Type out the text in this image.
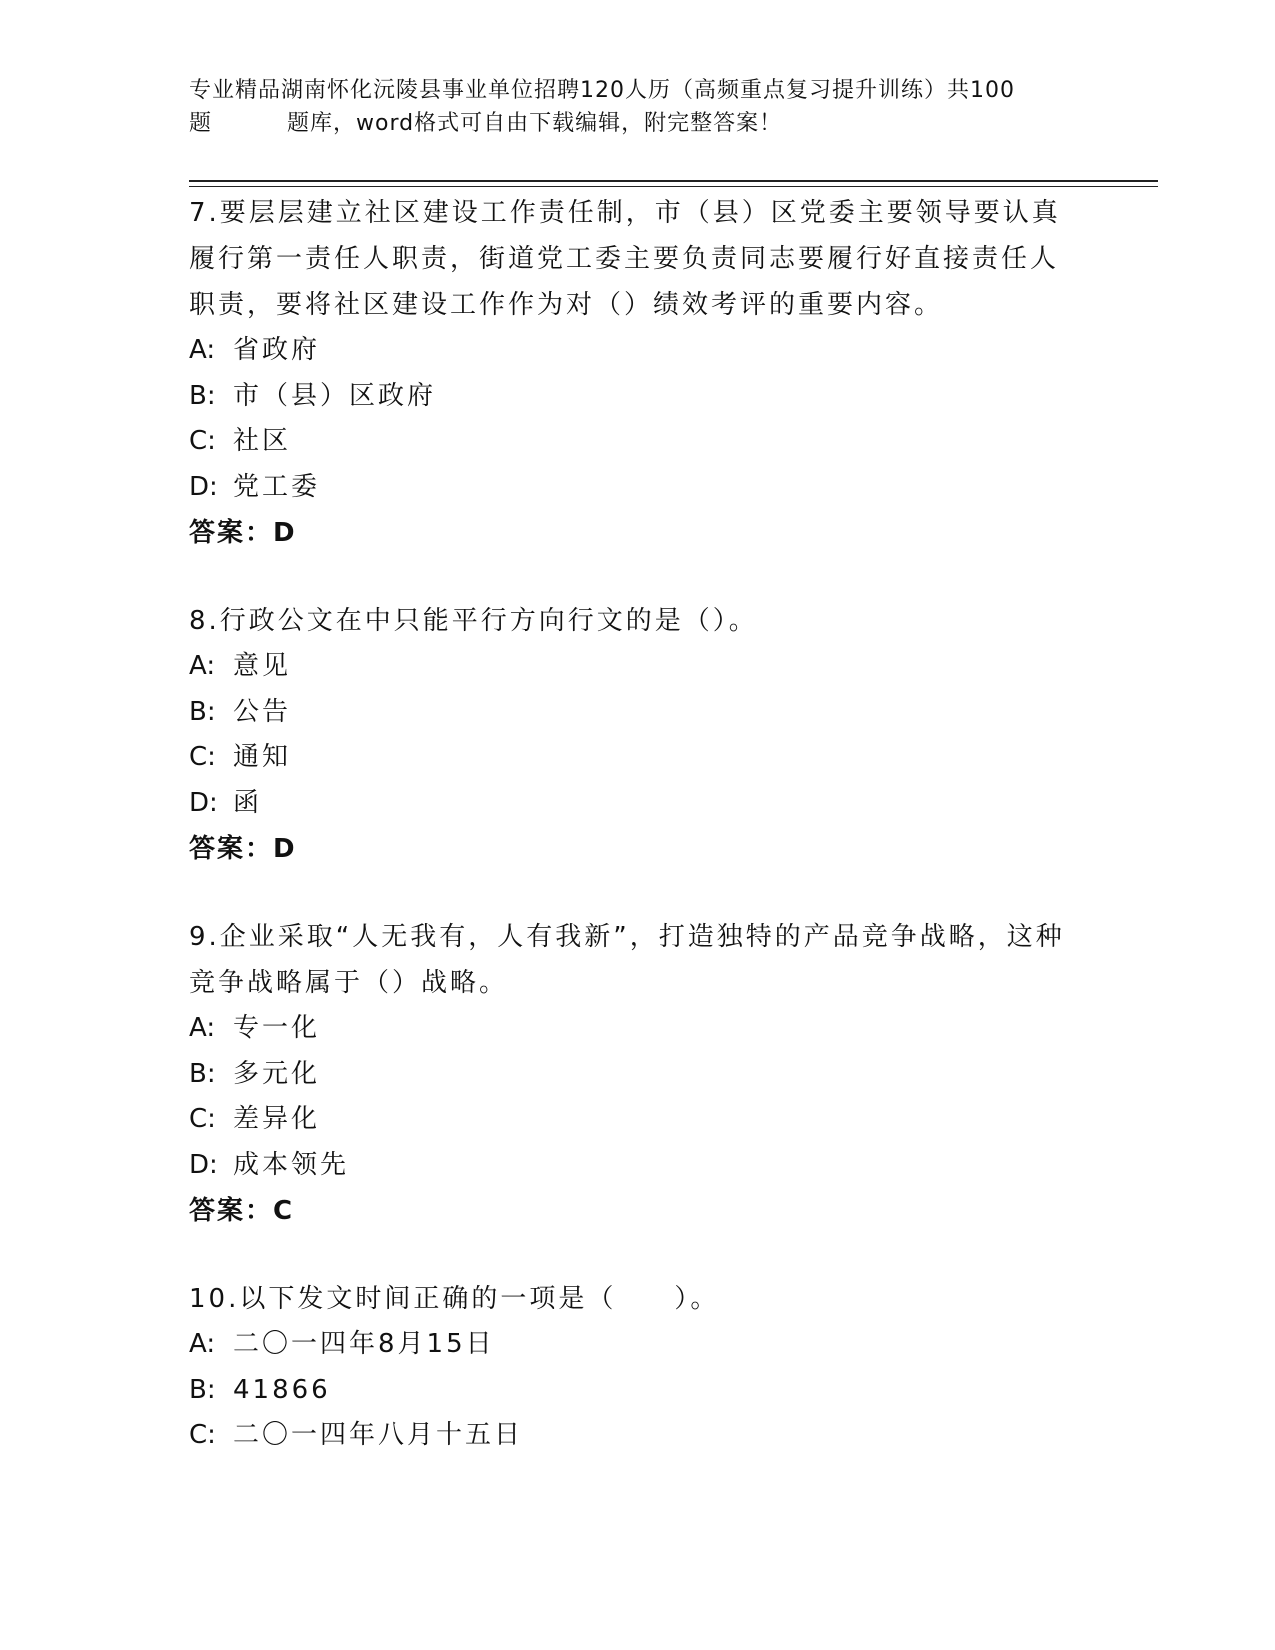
专业精品湖南怀化沅陵县事业单位招聘120人历（高频重点复习提升训练）共100
题	题库，word格式可自由下载编辑，附完整答案！
7.要层层建立社区建设工作责任制，市（县）区党委主要领导要认真履行第一责任人职责，街道党工委主要负责同志要履行好直接责任人职责，要将社区建设工作作为对（）绩效考评的重要内容。
A: 省政府
B: 市（县）区政府
C: 社区
D: 党工委
答案：D
8.行政公文在中只能平行方向行文的是（）。
A: 意见
B: 公告
C: 通知
D: 函
答案：D
9.企业采取“人无我有，人有我新”，打造独特的产品竞争战略，这种竞争战略属于（）战略。
A: 专一化
B: 多元化
C: 差异化
D: 成本领先
答案：C
10.以下发文时间正确的一项是（　　）。
A: 二〇一四年8月15日
B: 41866
C: 二〇一四年八月十五日
